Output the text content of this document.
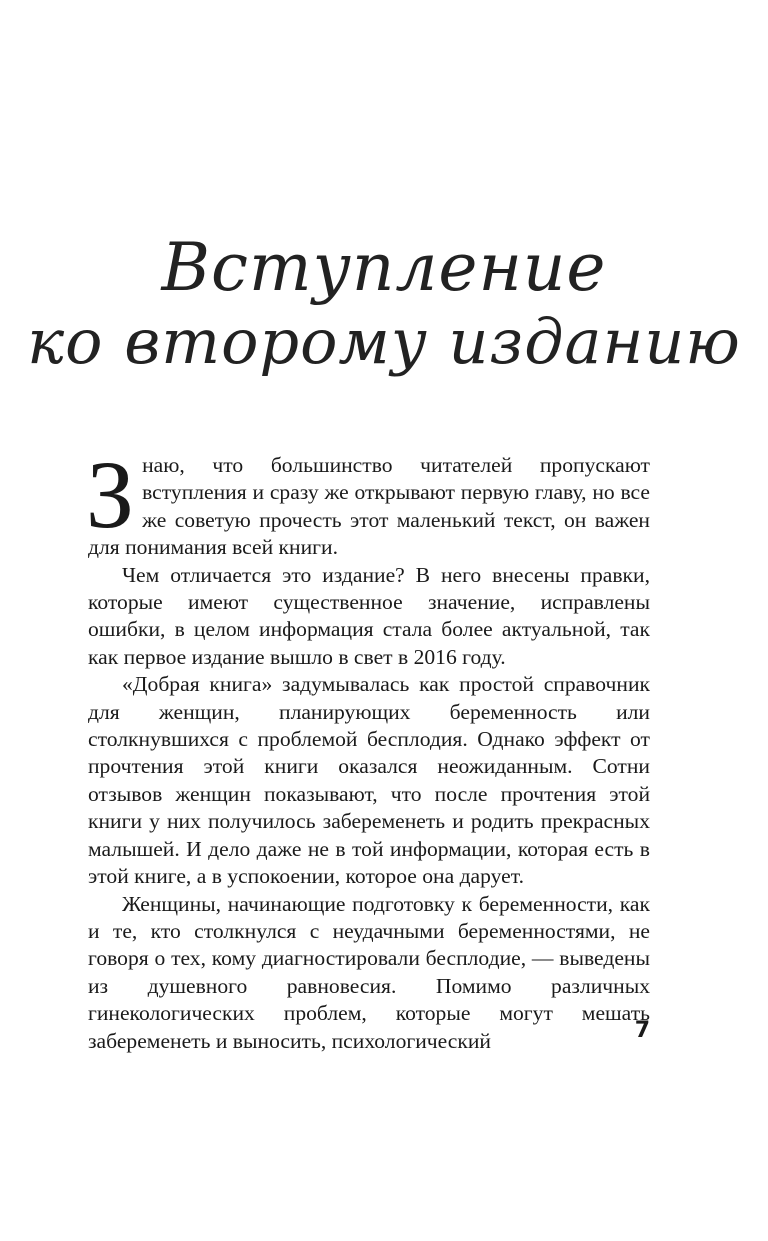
Вступление
ко второму изданию

Знаю, что большинство читателей пропускают вступления и сразу же открывают первую главу, но все же советую прочесть этот маленький текст, он важен для понимания всей книги.

Чем отличается это издание? В него внесены правки, которые имеют существенное значение, исправлены ошибки, в целом информация стала более актуальной, так как первое издание вышло в свет в 2016 году.

«Добрая книга» задумывалась как простой справочник для женщин, планирующих беременность или столкнувшихся с проблемой бесплодия. Однако эффект от прочтения этой книги оказался неожиданным. Сотни отзывов женщин показывают, что после прочтения этой книги у них получилось забеременеть и родить прекрасных малышей. И дело даже не в той информации, которая есть в этой книге, а в успокоении, которое она дарует.

Женщины, начинающие подготовку к беременности, как и те, кто столкнулся с неудачными беременностями, не говоря о тех, кому диагностировали бесплодие, — выведены из душевного равновесия. Помимо различных гинекологических проблем, которые могут мешать забеременеть и выносить, психологический	7
